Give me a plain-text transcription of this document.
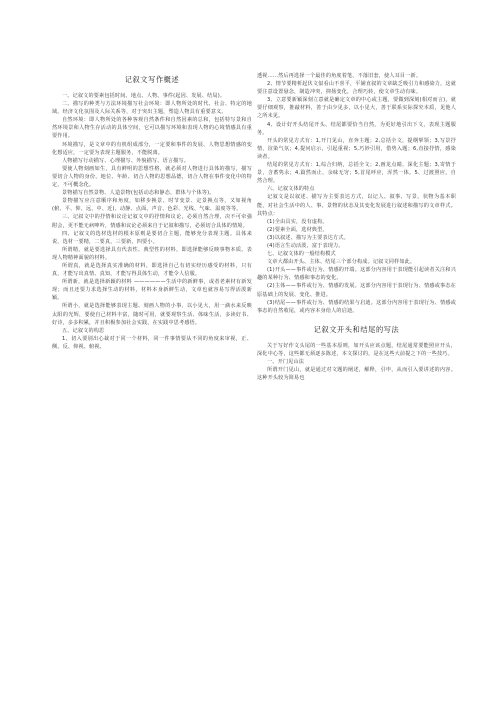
记叙文写作概述

一、记叙文的要素包括时间、地点、人物、事件(起因、发展、结局)。

二、描写的种类与方法环境描写社会环境：即人物所处的时代、社会、特定的地域、经济文化氛围及人际关系等，对于突出主题，塑造人物具有重要意义。

自然环境：即人物所处的各种客观自然条件和自然因素的总和，包括特写景和自然环境景和人物生存活动的具体空间，它可以描写环境和表现人物的心境情感具有重要作用。

环境描写，是文章中的有机组成部分，一定要和事件的发展、人物思想情感的变化想适应，一定要为表现主题服务，不能脱离。

人物描写行动描写、心理描写、外貌描写、语言描写。

要使人物刻画如生，具有鲜明的思想性格，就必须对人物进行具体的描写，描写要切合人物的身份、地位、年龄、切合人物的思想品德，切合人物在事件变化中的特定，不可概念化。

景物描写自然景物、人造景物(包括动态和静态，群体与个体等)。

景物描写应注意顺序和角度，如移步换景、时节变景、定景换点等，又如视角(俯、平、仰、远、中、近)、动静、点面、声音、色彩、光线、气味、温度等等。

三、记叙文中的抒情和议论记叙文中的抒情和议论，必须自然合理，决不可牵强附会，更不能无病呻吟，情感和议论必须来自于记叙和描写，必须切合具体的情境。

四、记叙文的选材选材的根本原则是要切合主题，能够充分表现主题。具体来说，选材一要精，二要真，三要新，四要小。

所谓精，就是要选择具有代表性、典型性的材料，即选择能够反映事物本质、表现人物精神面貌的材料。

所谓真，就是选择真实准确的材料，即选择自己有切实经历感受的材料，只有真，才能写出真情、真知，才能写得具体生动，才能令人信服。

所谓新，就是选择新颖的材料 ——————生活中的新鲜事，或者老素材有新发现；而且还要力求选择生动的材料，材料本身新鲜生动，文章也就容易写得活泼新颖。

所谓小，就是选择能够表现主题、刻画人物的小事，以小见大，用一滴水来反映太阳的光辉，要使自己材料丰富，随时可用，就要观察生活、体味生活，多读好书、好诗，多多积累，并且积极参加社会实践，在实践中思考感悟。

五、记叙文的构思

1、切入要别出心裁对于同一个材料，同一件事情要从不同的角度来审视，正、侧、反、仰视、俯视、

透视……然后再选择一个最佳的角度着笔，不落旧套，使人耳目一新。

2、情节要精析起伏文似看山不喜平，平铺直叙的文章缺乏吸引力和感染力，这就要注意设置悬念，制造冲突，抑扬变化，合理巧转，使文章生动有味。

3、立意要新颖深刻立意就是确定文章的中心或主题，要做到深刻(相对而言)，就要仔细观察，推敲材料，善于由少见多，以小见大，善于联系实际探究本质，见他人之所未见。

4、设计好开头结尾开头、结尾都要恰当自然，为更好地引出下文，表现主题服务。

开头的常见方式有：1,开门见山，直奔主题；2,总括全文，提纲挈领；3,写景抒情，渲染气氛；4,提问启示，引起重视；5,巧妙引用，借势入题；6,直接抒情，感染读者。

结尾的常见方式有：1,综合归纳，总括全文；2,画龙点睛，深化主题；3,寄情于景，含蓄隽永；4,篇然而止，余味无穷；5,首尾呼应，浑然一体。5、过渡照应，自然合理。

六、记叙文体的特点

记叙文是以叙述、描写为主要表达方式，以记人、叙事、写景、状物为基本职能，对社会生活中的人、事、景物的状态及其变化发展进行叙述和描写的文章样式。其特点：

(1)全由具实，没有虚构。

(2)要素全面，选材典型。

(3)以叙述、描写为主要表达方式。

(4)语言生动活泼，富于表现力。

七、记叙文体的一般结构模式

文章大都由开头、主体、结尾三个部分构成。记叙文同样如此。

(1)开头——事件或行为、情感的开端。这部分内容用于表现能引起读者关注和兴趣的某种行为、情感和事态的变化。

(2)主体——事件或行为、情感的发展。这部分内容用于表现行为、情感或事态在原基础上的发展、变化、推进。

(3)结尾——事件或行为、情感的结果与启迪。这部分内容用于表现行为、情感或事态的自然收尾，或内容本身给人的启迪。

记叙文开头和结尾的写法

关于写好作文头尾的一些基本原则，如开头应该点题，结尾通常要能照应开头，深化中心等，这些都无须逐多陈述，本文探讨的，是在这些大前提之下的一些技巧。

一、开门见山法

所谓开门见山，就是通过对文题的阐述，解释，引申，从而引入要讲述的内容。这种开头较为简易也
